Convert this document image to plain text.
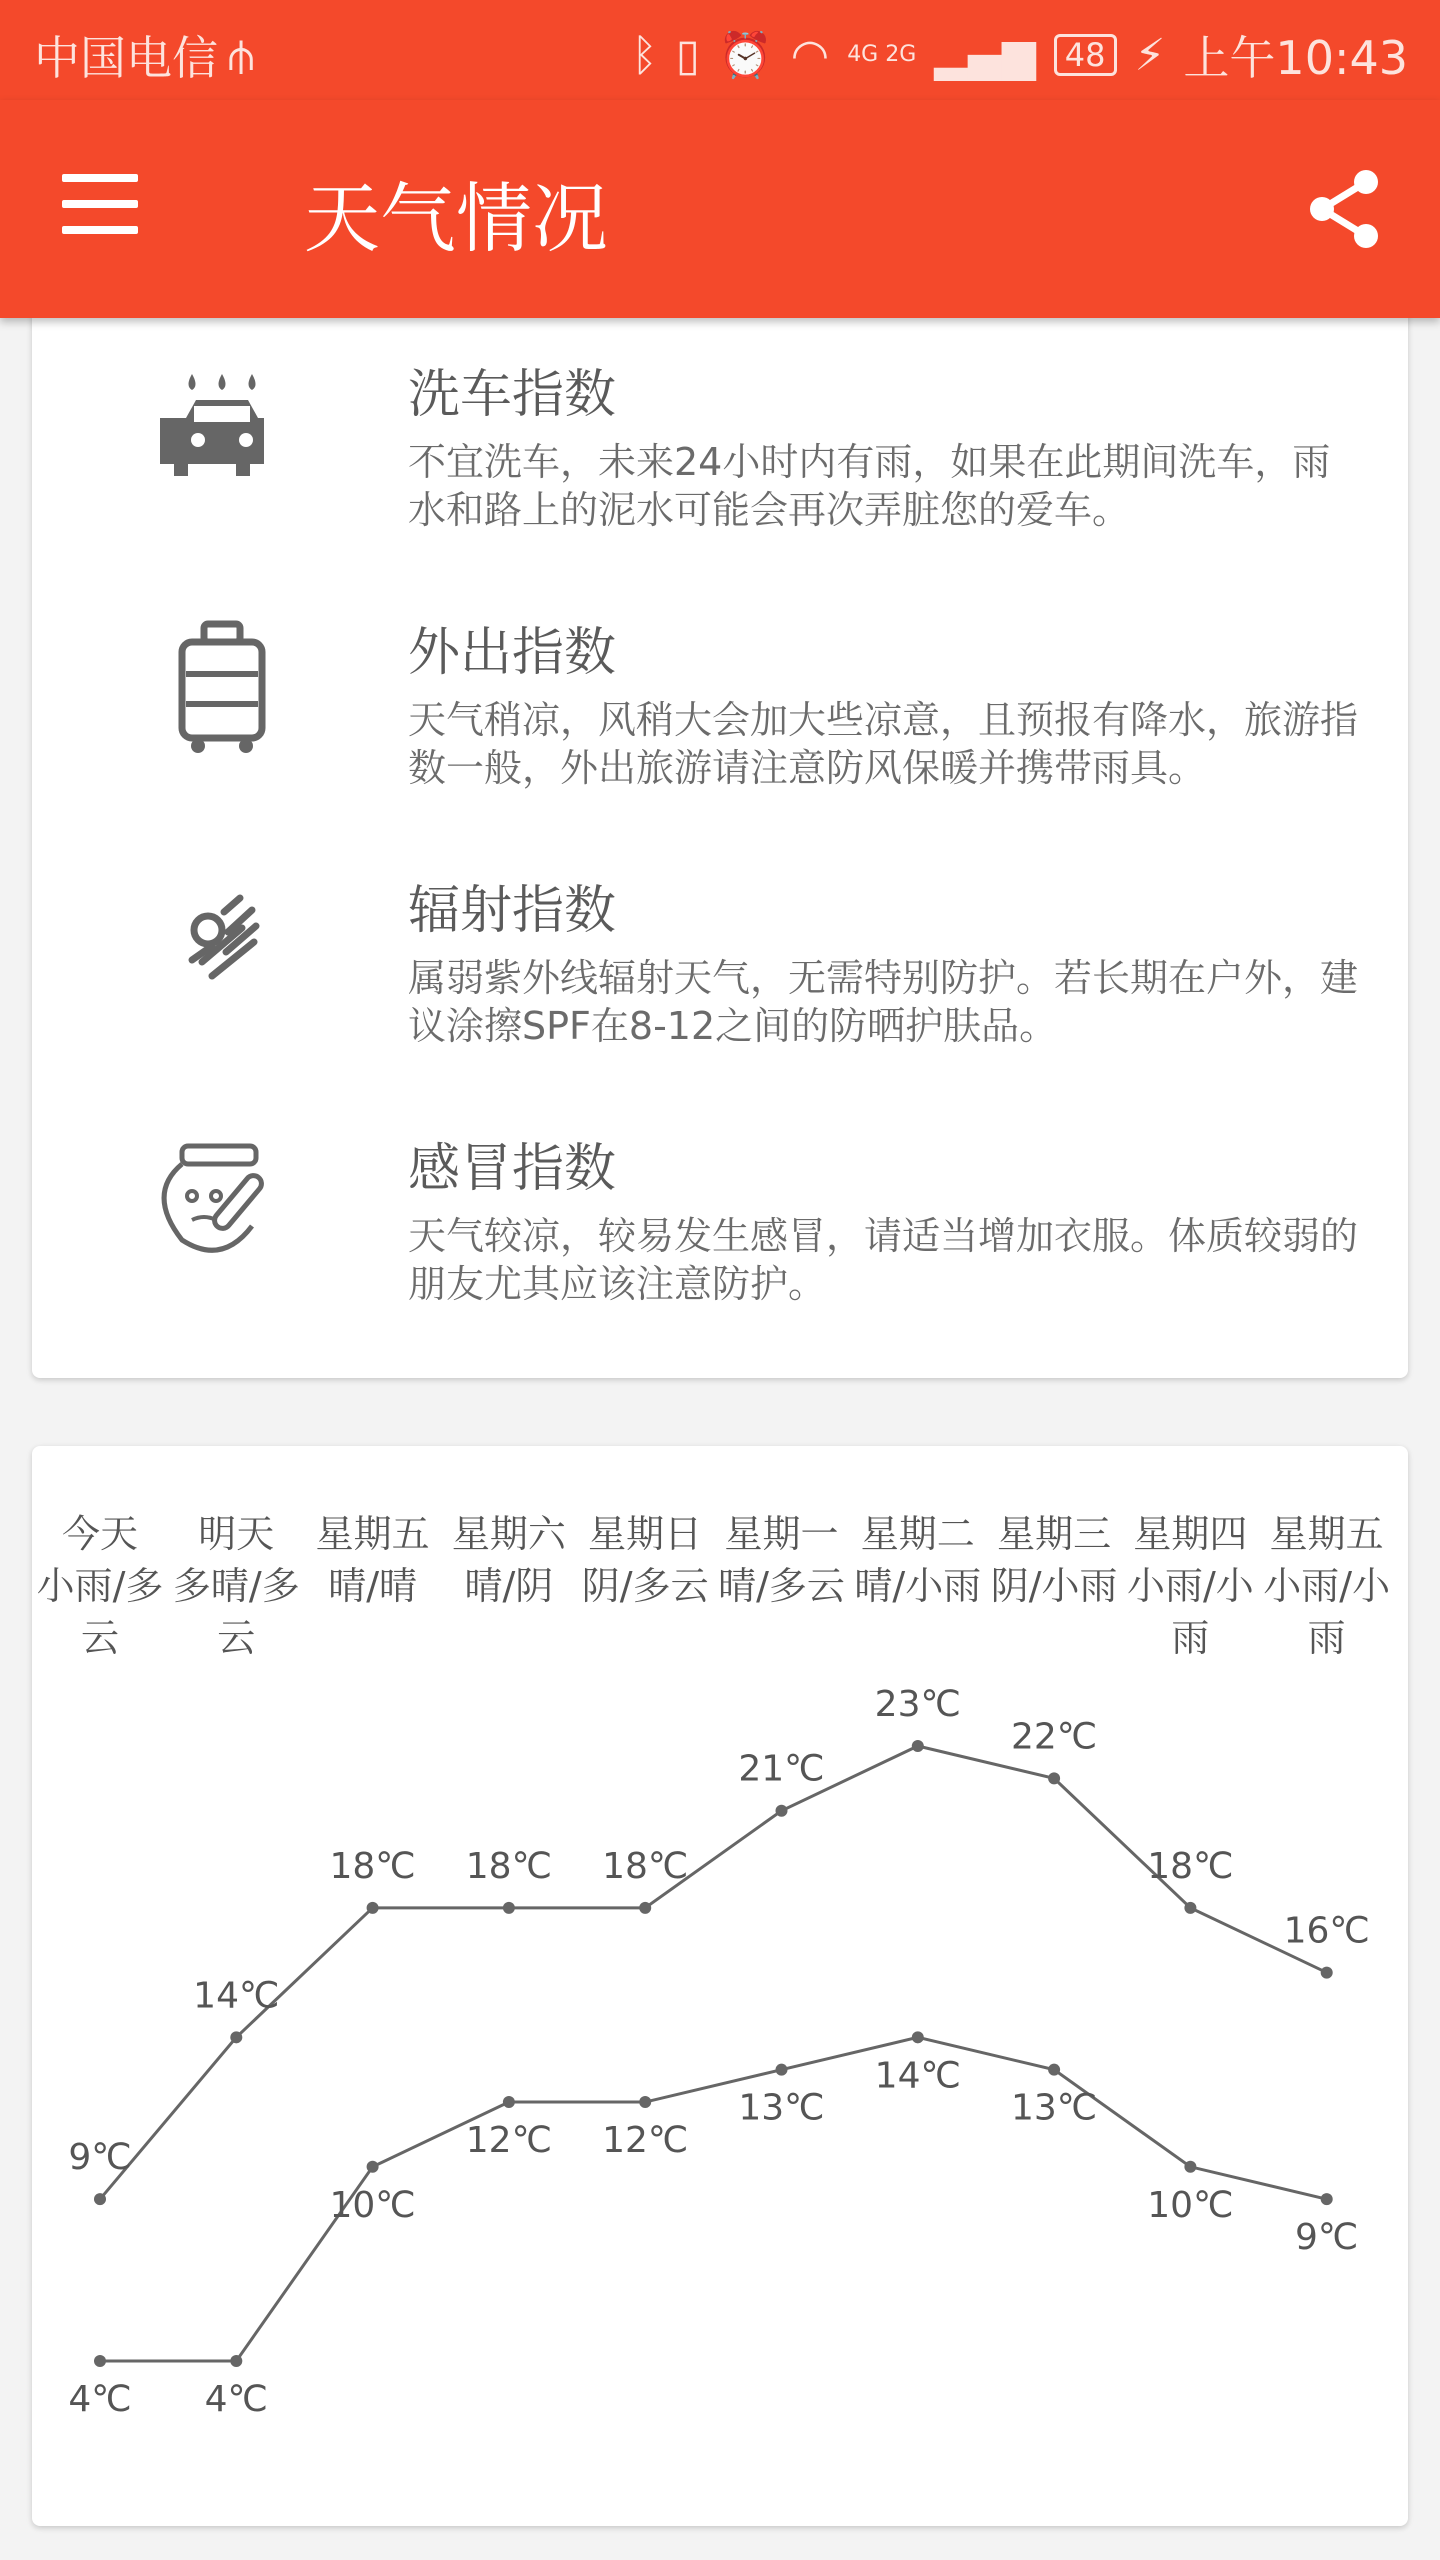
中国电信 ⫛	ᛒ ▯ ⏰ ◠ 4G 2G ▂▄▆ 48 ⚡ 上午10:43
天气情况
洗车指数
不宜洗车，未来24小时内有雨，如果在此期间洗车，雨水和路上的泥水可能会再次弄脏您的爱车。
外出指数
天气稍凉，风稍大会加大些凉意，且预报有降水，旅游指数一般，外出旅游请注意防风保暖并携带雨具。
辐射指数
属弱紫外线辐射天气，无需特别防护。若长期在户外，建议涂擦SPF在8-12之间的防晒护肤品。
感冒指数
天气较凉，较易发生感冒，请适当增加衣服。体质较弱的朋友尤其应该注意防护。
今天
小雨/多云
明天
多晴/多云
星期五
晴/晴
星期六
晴/阴
星期日
阴/多云
星期一
晴/多云
星期二
晴/小雨
星期三
阴/小雨
星期四
小雨/小雨
星期五
小雨/小雨
9℃
14℃
18℃ 18℃ 18℃
21℃
23℃
22℃
18℃
16℃
4℃ 4℃
10℃
12℃ 12℃
13℃
14℃
13℃
10℃
9℃
